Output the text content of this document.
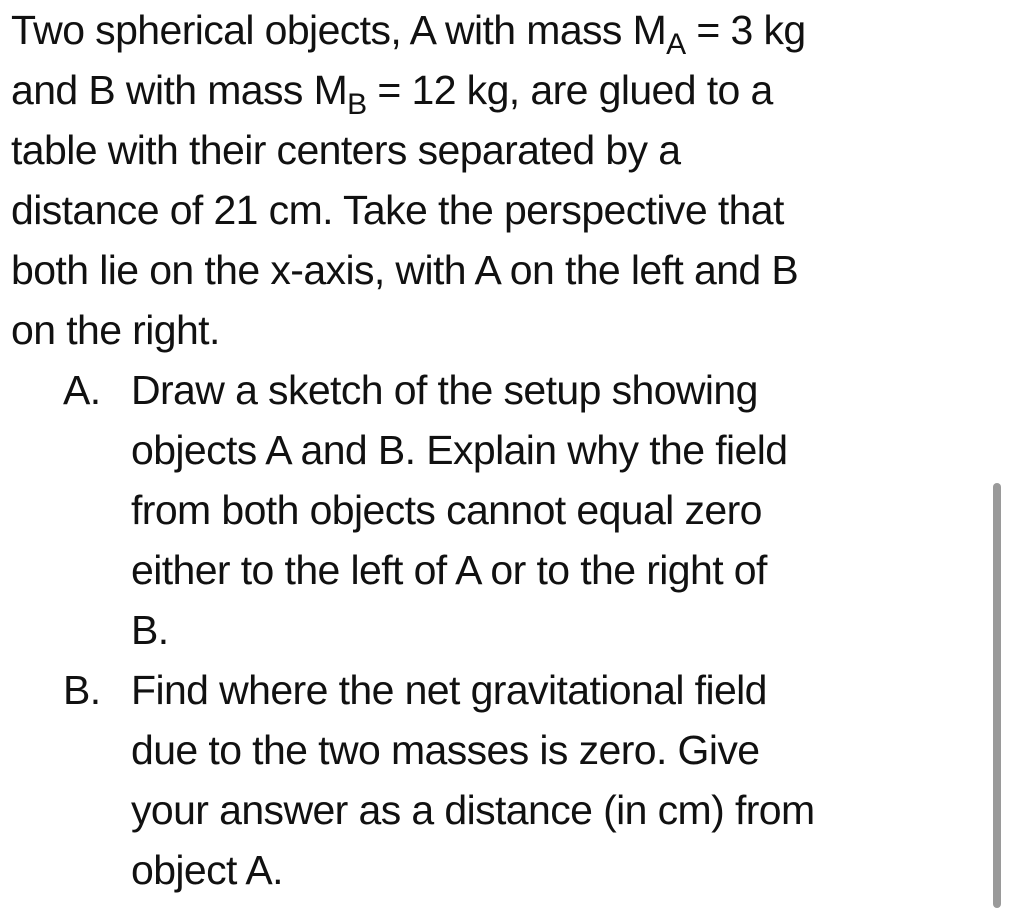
Two spherical objects, A with mass $M_A = 3$ kg
and B with mass $M_B = 12$ kg, are glued to a
table with their centers separated by a
distance of 21 cm. Take the perspective that
both lie on the x-axis, with A on the left and B
on the right.

A. Draw a sketch of the setup showing
objects A and B. Explain why the field
from both objects cannot equal zero
either to the left of A or to the right of
B.
B. Find where the net gravitational field
due to the two masses is zero. Give
your answer as a distance (in cm) from
object A.
